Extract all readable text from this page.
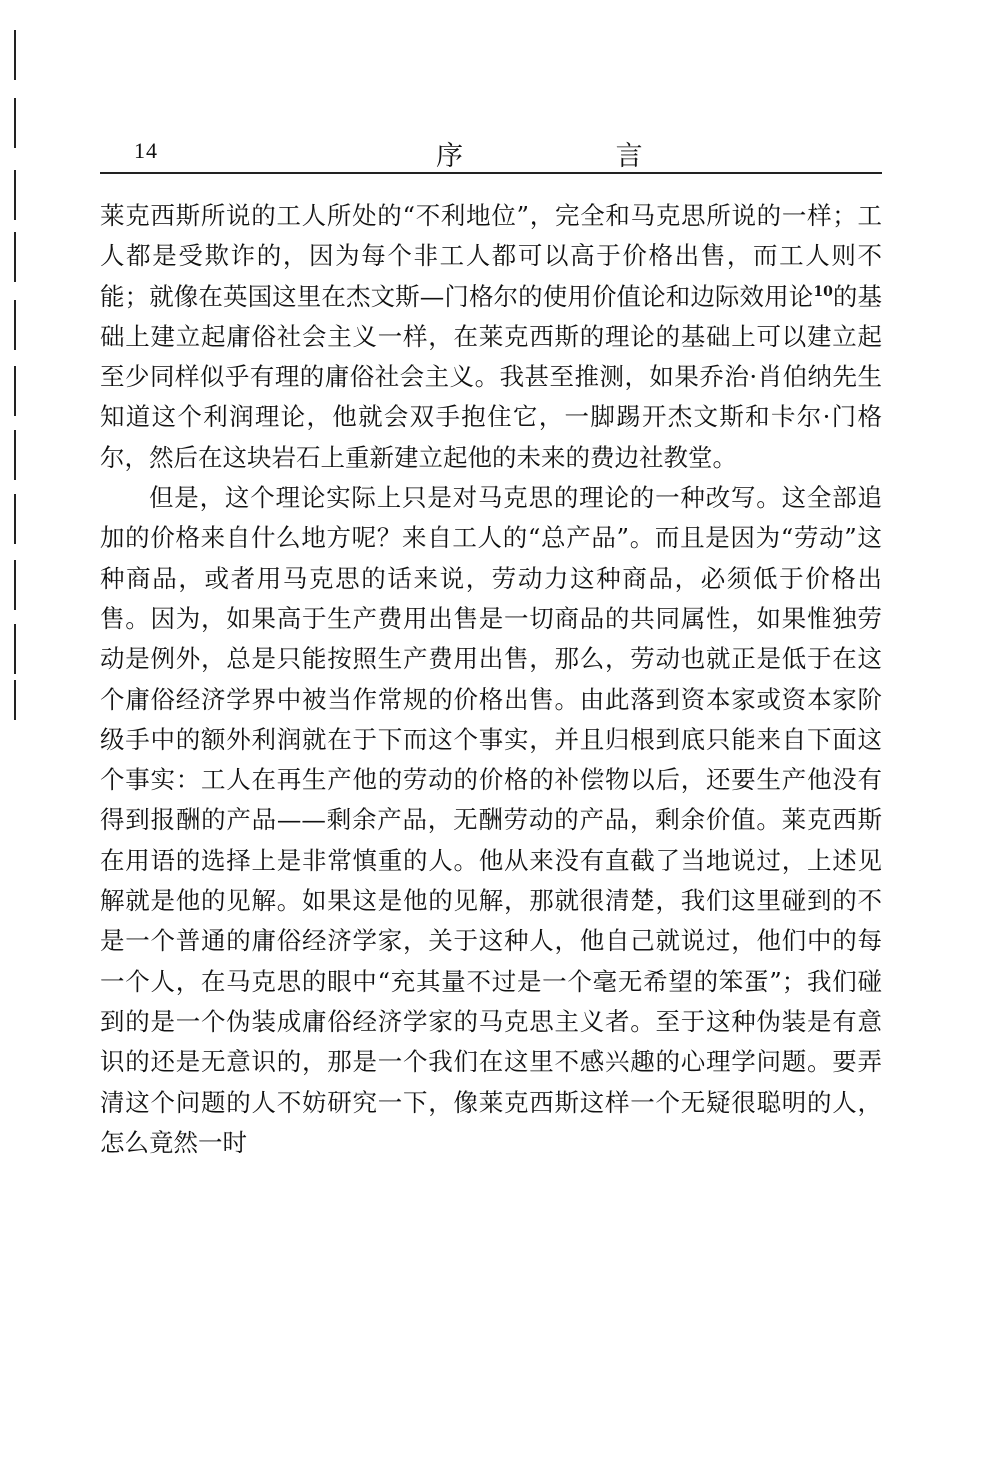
14	序 言

莱克西斯所说的工人所处的“不利地位”，完全和马克思所说的一样；工人都是受欺诈的，因为每个非工人都可以高于价格出售，而工人则不能；就像在英国这里在杰文斯—门格尔的使用价值论和边际效用论$^{10}$的基础上建立起庸俗社会主义一样，在莱克西斯的理论的基础上可以建立起至少同样似乎有理的庸俗社会主义。我甚至推测，如果乔治·肖伯纳先生知道这个利润理论，他就会双手抱住它，一脚踢开杰文斯和卡尔·门格尔，然后在这块岩石上重新建立起他的未来的费边社教堂。

但是，这个理论实际上只是对马克思的理论的一种改写。这全部追加的价格来自什么地方呢？来自工人的“总产品”。而且是因为“劳动”这种商品，或者用马克思的话来说，劳动力这种商品，必须低于价格出售。因为，如果高于生产费用出售是一切商品的共同属性，如果惟独劳动是例外，总是只能按照生产费用出售，那么，劳动也就正是低于在这个庸俗经济学界中被当作常规的价格出售。由此落到资本家或资本家阶级手中的额外利润就在于下而这个事实，并且归根到底只能来自下面这个事实：工人在再生产他的劳动的价格的补偿物以后，还要生产他没有得到报酬的产品——剩余产品，无酬劳动的产品，剩余价值。莱克西斯在用语的选择上是非常慎重的人。他从来没有直截了当地说过，上述见解就是他的见解。如果这是他的见解，那就很清楚，我们这里碰到的不是一个普通的庸俗经济学家，关于这种人，他自己就说过，他们中的每一个人，在马克思的眼中“充其量不过是一个毫无希望的笨蛋”；我们碰到的是一个伪装成庸俗经济学家的马克思主义者。至于这种伪装是有意识的还是无意识的，那是一个我们在这里不感兴趣的心理学问题。要弄清这个问题的人不妨研究一下，像莱克西斯这样一个无疑很聪明的人，怎么竟然一时
